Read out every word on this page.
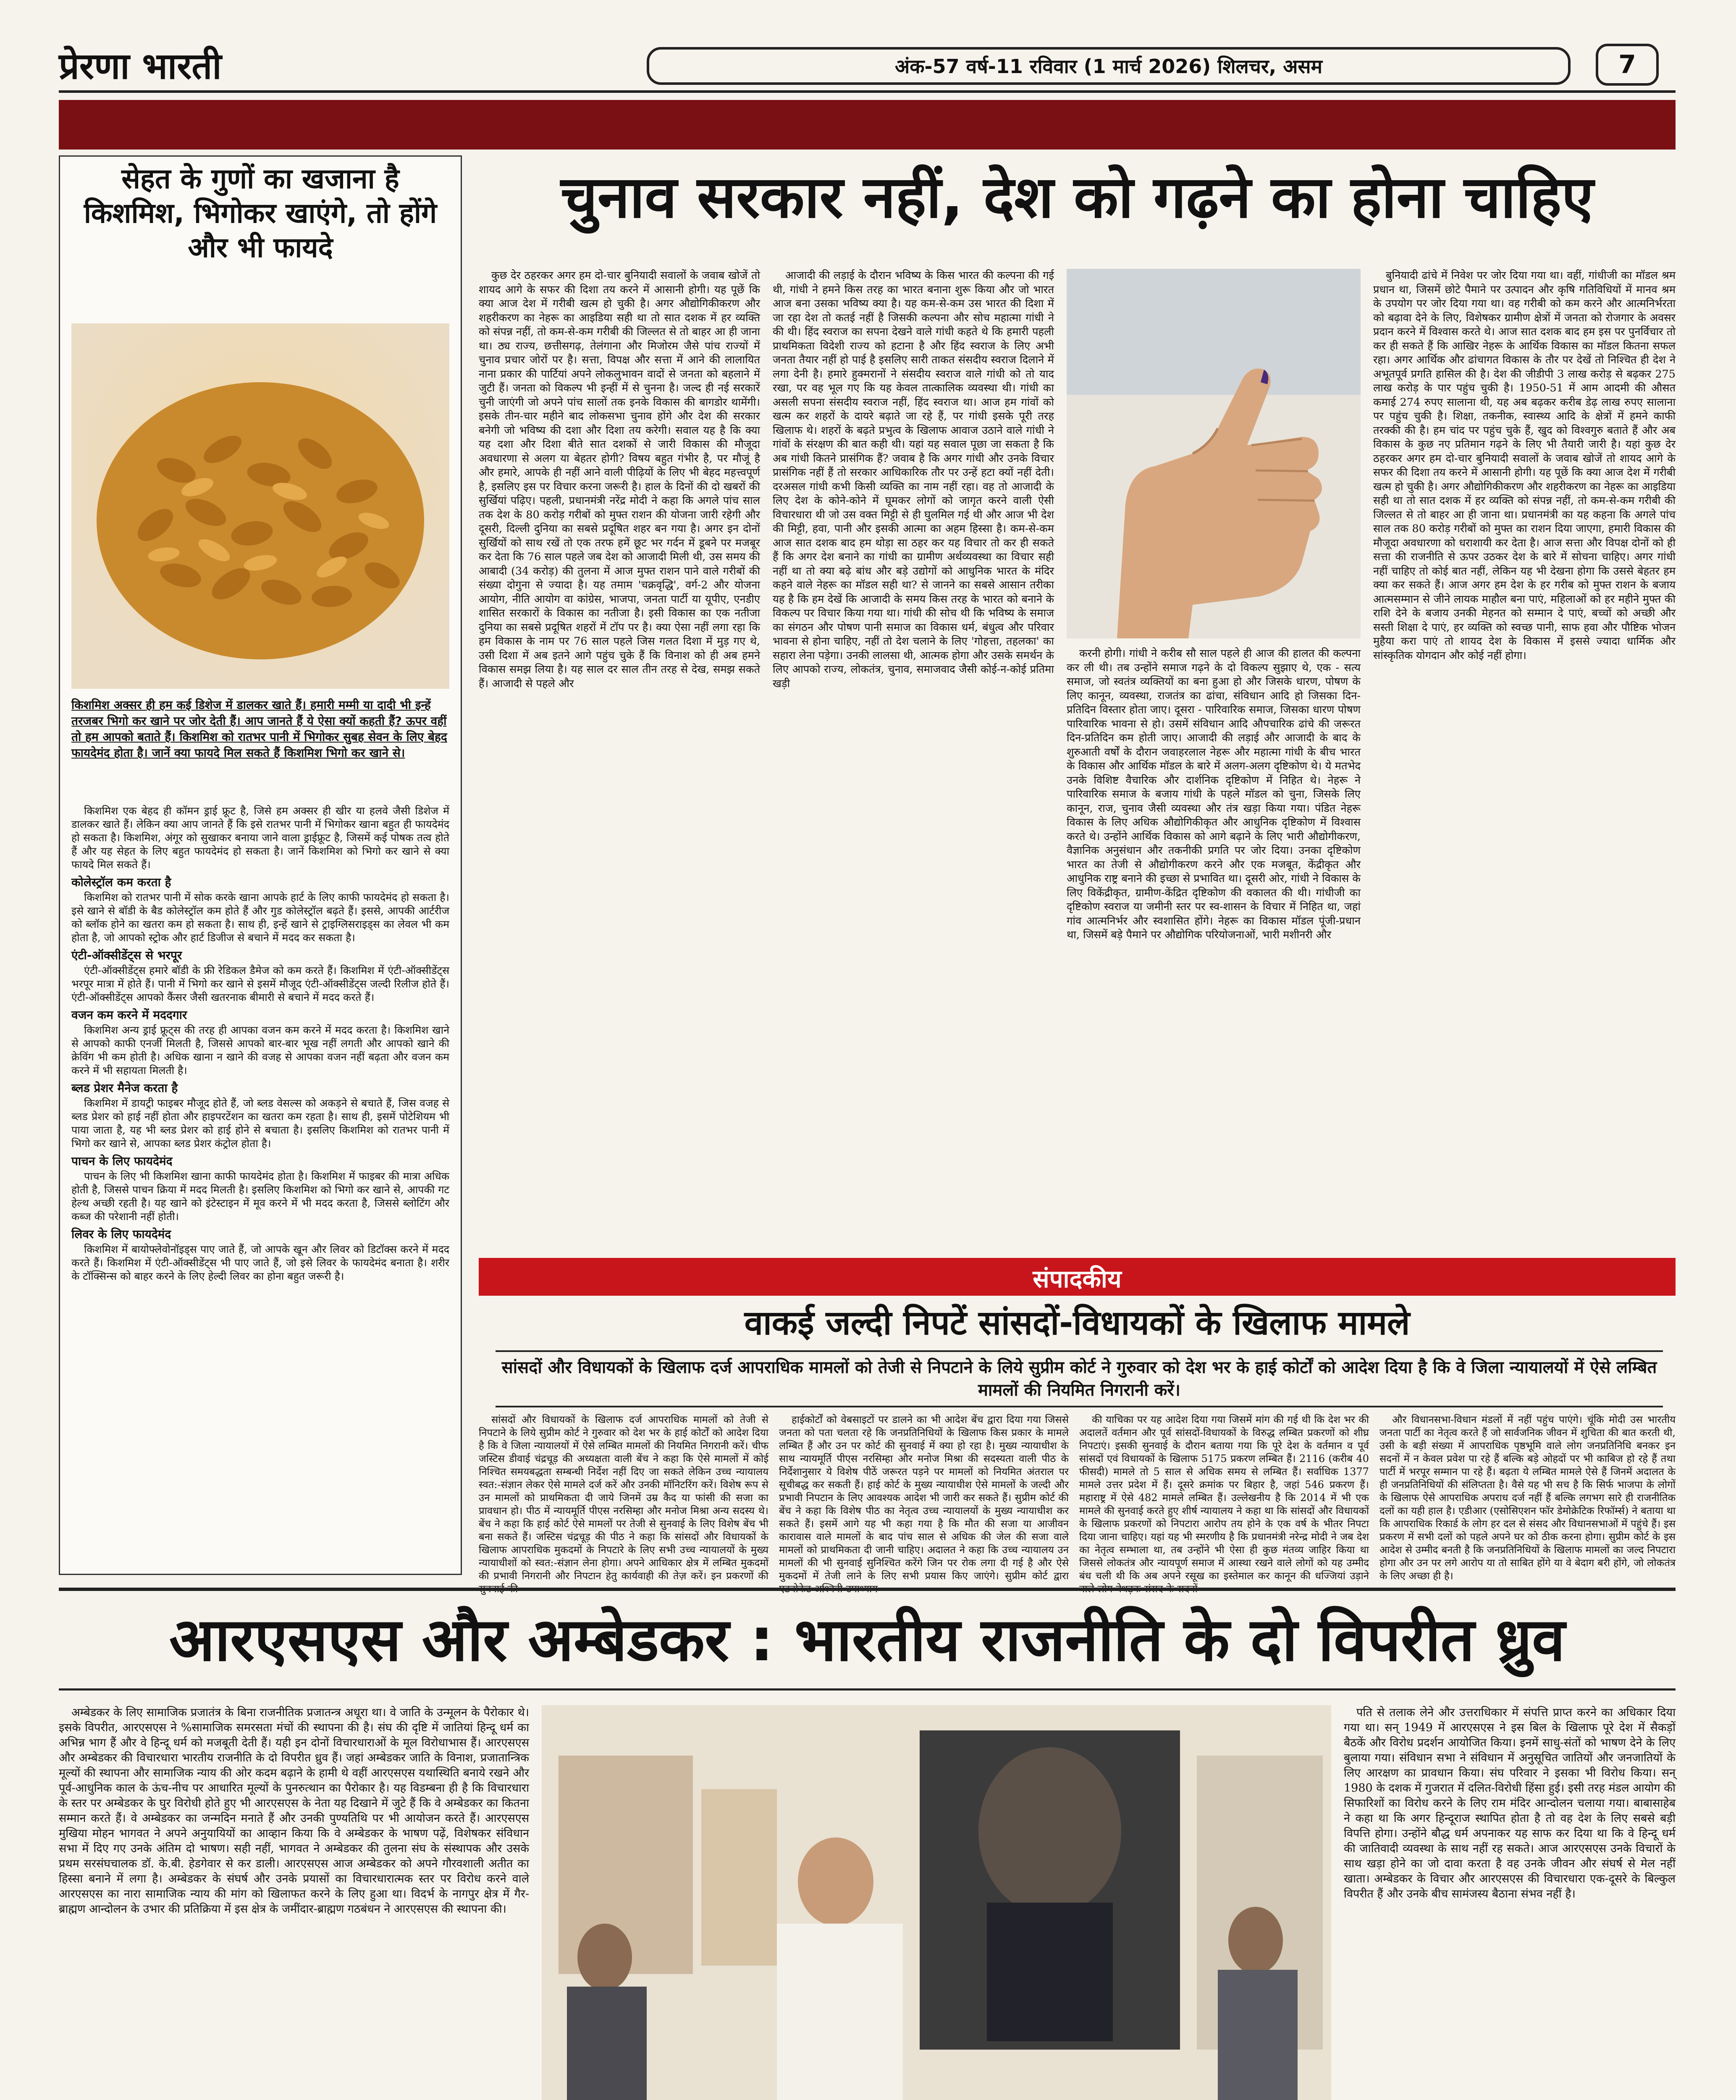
प्रेरणा भारती	अंक-57 वर्ष-11 रविवार (1 मार्च 2026) शिलचर, असम	7
सेहत के गुणों का खजाना है किशमिश, भिगोकर खाएंगे, तो होंगे और भी फायदे
किशमिश अक्सर ही हम कई डिशेज में डालकर खाते हैं। हमारी मम्मी या दादी भी इन्हें तरजबर भिगो कर खाने पर जोर देती हैं। आप जानते हैं ये ऐसा क्यों कहती हैं? ऊपर वहीं तो हम आपको बताते हैं। किशमिश को रातभर पानी में भिगोकर सुबह सेवन के लिए बेहद फायदेमंद होता है। जानें क्या फायदे मिल सकते हैं किशमिश भिगो कर खाने से।

किशमिश एक बेहद ही कॉमन ड्राई फ्रूट है, जिसे हम अक्सर ही खीर या हलवे जैसी डिशेज में डालकर खाते हैं। लेकिन क्या आप जानते हैं कि इसे रातभर पानी में भिगोकर खाना बहुत ही फायदेमंद हो सकता है। किशमिश, अंगूर को सुखाकर बनाया जाने वाला ड्राईफ्रूट है, जिसमें कई पोषक तत्व होते हैं और यह सेहत के लिए बहुत फायदेमंद हो सकता है। जानें किशमिश को भिगो कर खाने से क्या फायदे मिल सकते हैं।

कोलेस्ट्रॉल कम करता है

किशमिश को रातभर पानी में सोक करके खाना आपके हार्ट के लिए काफी फायदेमंद हो सकता है। इसे खाने से बॉडी के बैड कोलेस्ट्रॉल कम होते हैं और गुड कोलेस्ट्रॉल बढ़ते हैं। इससे, आपकी आर्टरीज को ब्लॉक होने का खतरा कम हो सकता है। साथ ही, इन्हें खाने से ट्राइग्लिसराइड्स का लेवल भी कम होता है, जो आपको स्ट्रोक और हार्ट डिजीज से बचाने में मदद कर सकता है।

एंटी-ऑक्सीडेंट्स से भरपूर

एंटी-ऑक्सीडेंट्स हमारे बॉडी के फ्री रेडिकल डैमेज को कम करते हैं। किशमिश में एंटी-ऑक्सीडेंट्स भरपूर मात्रा में होते हैं। पानी में भिगो कर खाने से इसमें मौजूद एंटी-ऑक्सीडेंट्स जल्दी रिलीज होते हैं। एंटी-ऑक्सीडेंट्स आपको कैंसर जैसी खतरनाक बीमारी से बचाने में मदद करते हैं।

वजन कम करने में मददगार

किशमिश अन्य ड्राई फ्रूट्स की तरह ही आपका वजन कम करने में मदद करता है। किशमिश खाने से आपको काफी एनर्जी मिलती है, जिससे आपको बार-बार भूख नहीं लगती और आपको खाने की क्रेविंग भी कम होती है। अधिक खाना न खाने की वजह से आपका वजन नहीं बढ़ता और वजन कम करने में भी सहायता मिलती है।

ब्लड प्रेशर मैनेज करता है

किशमिश में डायट्री फाइबर मौजूद होते हैं, जो ब्लड वेसल्स को अकड़ने से बचाते हैं, जिस वजह से ब्लड प्रेशर को हाई नहीं होता और हाइपरटेंशन का खतरा कम रहता है। साथ ही, इसमें पोटेशियम भी पाया जाता है, यह भी ब्लड प्रेशर को हाई होने से बचाता है। इसलिए किशमिश को रातभर पानी में भिगो कर खाने से, आपका ब्लड प्रेशर कंट्रोल होता है।

पाचन के लिए फायदेमंद

पाचन के लिए भी किशमिश खाना काफी फायदेमंद होता है। किशमिश में फाइबर की मात्रा अधिक होती है, जिससे पाचन क्रिया में मदद मिलती है। इसलिए किशमिश को भिगो कर खाने से, आपकी गट हेल्थ अच्छी रहती है। यह खाने को इंटेस्टाइन में मूव करने में भी मदद करता है, जिससे ब्लोटिंग और कब्ज की परेशानी नहीं होती।

लिवर के लिए फायदेमंद

किशमिश में बायोफ्लेवोनॉइड्स पाए जाते हैं, जो आपके खून और लिवर को डिटॉक्स करने में मदद करते हैं। किशमिश में एंटी-ऑक्सीडेंट्स भी पाए जाते हैं, जो इसे लिवर के फायदेमंद बनाता है। शरीर के टॉक्सिन्स को बाहर करने के लिए हेल्दी लिवर का होना बहुत जरूरी है।

चुनाव सरकार नहीं, देश को गढ़ने का होना चाहिए

कुछ देर ठहरकर अगर हम दो-चार बुनियादी सवालों के जवाब खोजें तो शायद आगे के सफर की दिशा तय करने में आसानी होगी। यह पूछें कि क्या आज देश में गरीबी खत्म हो चुकी है। अगर औद्योगिकीकरण और शहरीकरण का नेहरू का आइडिया सही था तो सात दशक में हर व्यक्ति को संपन्न नहीं, तो कम-से-कम गरीबी की जिल्लत से तो बाहर आ ही जाना था। ठ्य राज्य, छत्तीसगढ़, तेलंगाना और मिजोरम जैसे पांच राज्यों में चुनाव प्रचार जोरों पर है। सत्ता, विपक्ष और सत्ता में आने की लालायित नाना प्रकार की पार्टियां अपने लोकलुभावन वादों से जनता को बहलाने में जुटी हैं। जनता को विकल्प भी इन्हीं में से चुनना है। जल्द ही नई सरकारें चुनी जाएंगी जो अपने पांच सालों तक इनके विकास की बागडोर थामेंगी। इसके तीन-चार महीने बाद लोकसभा चुनाव होंगे और देश की सरकार बनेगी जो भविष्य की दशा और दिशा तय करेगी। सवाल यह है कि क्या यह दशा और दिशा बीते सात दशकों से जारी विकास की मौजूदा अवधारणा से अलग या बेहतर होगी? विषय बहुत गंभीर है, पर मौजूं है और हमारे, आपके ही नहीं आने वाली पीढ़ियों के लिए भी बेहद महत्त्वपूर्ण है, इसलिए इस पर विचार करना जरूरी है। हाल के दिनों की दो खबरों की सुर्खियां पढ़िए। पहली, प्रधानमंत्री नरेंद्र मोदी ने कहा कि अगले पांच साल तक देश के 80 करोड़ गरीबों को मुफ्त राशन की योजना जारी रहेगी और दूसरी, दिल्ली दुनिया का सबसे प्रदूषित शहर बन गया है। अगर इन दोनों सुर्खियों को साथ रखें तो एक तरफ हमें छूट भर गर्दन में डूबने पर मजबूर कर देता कि 76 साल पहले जब देश को आजादी मिली थी, उस समय की आबादी (34 करोड़) की तुलना में आज मुफ्त राशन पाने वाले गरीबों की संख्या दोगुना से ज्यादा है। यह तमाम 'चक्रवृद्धि', वर्ग-2 और योजना आयोग, नीति आयोग वा कांग्रेस, भाजपा, जनता पार्टी या यूपीए, एनडीए शासित सरकारों के विकास का नतीजा है। इसी विकास का एक नतीजा दुनिया का सबसे प्रदूषित शहरों में टॉप पर है। क्या ऐसा नहीं लगा रहा कि हम विकास के नाम पर 76 साल पहले जिस गलत दिशा में मुड़ गए थे, उसी दिशा में अब इतने आगे पहुंच चुके हैं कि विनाश को ही अब हमने विकास समझ लिया है। यह साल दर साल तीन तरह से देख, समझ सकते हैं। आजादी से पहले और

आजादी की लड़ाई के दौरान भविष्य के किस भारत की कल्पना की गई थी, गांधी ने हमने किस तरह का भारत बनाना शुरू किया और जो भारत आज बना उसका भविष्य क्या है। यह कम-से-कम उस भारत की दिशा में जा रहा देश तो कतई नहीं है जिसकी कल्पना और सोच महात्मा गांधी ने की थी। हिंद स्वराज का सपना देखने वाले गांधी कहते थे कि हमारी पहली प्राथमिकता विदेशी राज्य को हटाना है और हिंद स्वराज के लिए अभी जनता तैयार नहीं हो पाई है इसलिए सारी ताकत संसदीय स्वराज दिलाने में लगा देनी है। हमारे हुक्मरानों ने संसदीय स्वराज वाले गांधी को तो याद रखा, पर वह भूल गए कि यह केवल तात्कालिक व्यवस्था थी। गांधी का असली सपना संसदीय स्वराज नहीं, हिंद स्वराज था। आज हम गांवों को खत्म कर शहरों के दायरे बढ़ाते जा रहे हैं, पर गांधी इसके पूरी तरह खिलाफ थे। शहरों के बढ़ते प्रभुत्व के खिलाफ आवाज उठाने वाले गांधी ने गांवों के संरक्षण की बात कही थी। यहां यह सवाल पूछा जा सकता है कि अब गांधी कितने प्रासंगिक हैं? जवाब है कि अगर गांधी और उनके विचार प्रासंगिक नहीं हैं तो सरकार आधिकारिक तौर पर उन्हें हटा क्यों नहीं देती। दरअसल गांधी कभी किसी व्यक्ति का नाम नहीं रहा। वह तो आजादी के लिए देश के कोने-कोने में घूमकर लोगों को जागृत करने वाली ऐसी विचारधारा थी जो उस वक्त मिट्टी से ही घुलमिल गई थी और आज भी देश की मिट्टी, हवा, पानी और इसकी आत्मा का अहम हिस्सा है। कम-से-कम आज सात दशक बाद हम थोड़ा सा ठहर कर यह विचार तो कर ही सकते हैं कि अगर देश बनाने का गांधी का ग्रामीण अर्थव्यवस्था का विचार सही नहीं था तो क्या बढ़े बांध और बड़े उद्योगों को आधुनिक भारत के मंदिर कहने वाले नेहरू का मॉडल सही था? से जानने का सबसे आसान तरीका यह है कि हम देखें कि आजादी के समय किस तरह के भारत को बनाने के विकल्प पर विचार किया गया था। गांधी की सोच थी कि भविष्य के समाज का संगठन और पोषण पानी समाज का विकास धर्म, बंधुत्व और परिवार भावना से होना चाहिए, नहीं तो देश चलाने के लिए 'गोहत्ता, तहलका' का सहारा लेना पड़ेगा। उनकी लालसा थी, आत्मक होगा और उसके समर्थन के लिए आपको राज्य, लोकतंत्र, चुनाव, समाजवाद जैसी कोई-न-कोई प्रतिमा खड़ी

करनी होगी। गांधी ने करीब सौ साल पहले ही आज की हालत की कल्पना कर ली थी। तब उन्होंने समाज गढ़ने के दो विकल्प सुझाए थे, एक - सत्य समाज, जो स्वतंत्र व्यक्तियों का बना हुआ हो और जिसके धारण, पोषण के लिए कानून, व्यवस्था, राजतंत्र का ढांचा, संविधान आदि हो जिसका दिन-प्रतिदिन विस्तार होता जाए। दूसरा - पारिवारिक समाज, जिसका धारण पोषण पारिवारिक भावना से हो। उसमें संविधान आदि औपचारिक ढांचे की जरूरत दिन-प्रतिदिन कम होती जाए। आजादी की लड़ाई और आजादी के बाद के शुरुआती वर्षों के दौरान जवाहरलाल नेहरू और महात्मा गांधी के बीच भारत के विकास और आर्थिक मॉडल के बारे में अलग-अलग दृष्टिकोण थे। ये मतभेद उनके विशिष्ट वैचारिक और दार्शनिक दृष्टिकोण में निहित थे। नेहरू ने पारिवारिक समाज के बजाय गांधी के पहले मॉडल को चुना, जिसके लिए कानून, राज, चुनाव जैसी व्यवस्था और तंत्र खड़ा किया गया। पंडित नेहरू विकास के लिए अधिक औद्योगिकीकृत और आधुनिक दृष्टिकोण में विश्वास करते थे। उन्होंने आर्थिक विकास को आगे बढ़ाने के लिए भारी औद्योगीकरण, वैज्ञानिक अनुसंधान और तकनीकी प्रगति पर जोर दिया। उनका दृष्टिकोण भारत का तेजी से औद्योगीकरण करने और एक मजबूत, केंद्रीकृत और आधुनिक राष्ट्र बनाने की इच्छा से प्रभावित था। दूसरी ओर, गांधी ने विकास के लिए विकेंद्रीकृत, ग्रामीण-केंद्रित दृष्टिकोण की वकालत की थी। गांधीजी का दृष्टिकोण स्वराज या जमीनी स्तर पर स्व-शासन के विचार में निहित था, जहां गांव आत्मनिर्भर और स्वशासित होंगे। नेहरू का विकास मॉडल पूंजी-प्रधान था, जिसमें बड़े पैमाने पर औद्योगिक परियोजनाओं, भारी मशीनरी और

बुनियादी ढांचे में निवेश पर जोर दिया गया था। वहीं, गांधीजी का मॉडल श्रम प्रधान था, जिसमें छोटे पैमाने पर उत्पादन और कृषि गतिविधियों में मानव श्रम के उपयोग पर जोर दिया गया था। वह गरीबी को कम करने और आत्मनिर्भरता को बढ़ावा देने के लिए, विशेषकर ग्रामीण क्षेत्रों में जनता को रोजगार के अवसर प्रदान करने में विश्वास करते थे। आज सात दशक बाद हम इस पर पुनर्विचार तो कर ही सकते हैं कि आखिर नेहरू के आर्थिक विकास का मॉडल कितना सफल रहा। अगर आर्थिक और ढांचागत विकास के तौर पर देखें तो निश्चित ही देश ने अभूतपूर्व प्रगति हासिल की है। देश की जीडीपी 3 लाख करोड़ से बढ़कर 275 लाख करोड़ के पार पहुंच चुकी है। 1950-51 में आम आदमी की औसत कमाई 274 रुपए सालाना थी, यह अब बढ़कर करीब डेढ़ लाख रुपए सालाना पर पहुंच चुकी है। शिक्षा, तकनीक, स्वास्थ्य आदि के क्षेत्रों में हमने काफी तरक्की की है। हम चांद पर पहुंच चुके हैं, खुद को विश्वगुरु बताते हैं और अब विकास के कुछ नए प्रतिमान गढ़ने के लिए भी तैयारी जारी है। यहां कुछ देर ठहरकर अगर हम दो-चार बुनियादी सवालों के जवाब खोजें तो शायद आगे के सफर की दिशा तय करने में आसानी होगी। यह पूछें कि क्या आज देश में गरीबी खत्म हो चुकी है। अगर औद्योगिकीकरण और शहरीकरण का नेहरू का आइडिया सही था तो सात दशक में हर व्यक्ति को संपन्न नहीं, तो कम-से-कम गरीबी की जिल्लत से तो बाहर आ ही जाना था। प्रधानमंत्री का यह कहना कि अगले पांच साल तक 80 करोड़ गरीबों को मुफ्त का राशन दिया जाएगा, हमारी विकास की मौजूदा अवधारणा को धराशायी कर देता है। आज सत्ता और विपक्ष दोनों को ही सत्ता की राजनीति से ऊपर उठकर देश के बारे में सोचना चाहिए। अगर गांधी नहीं चाहिए तो कोई बात नहीं, लेकिन यह भी देखना होगा कि उससे बेहतर हम क्या कर सकते हैं। आज अगर हम देश के हर गरीब को मुफ्त राशन के बजाय आत्मसम्मान से जीने लायक माहौल बना पाएं, महिलाओं को हर महीने मुफ्त की राशि देने के बजाय उनकी मेहनत को सम्मान दे पाएं, बच्चों को अच्छी और सस्ती शिक्षा दे पाएं, हर व्यक्ति को स्वच्छ पानी, साफ हवा और पौष्टिक भोजन मुहैया करा पाएं तो शायद देश के विकास में इससे ज्यादा धार्मिक और सांस्कृतिक योगदान और कोई नहीं होगा।

संपादकीय
वाकई जल्दी निपटें सांसदों-विधायकों के खिलाफ मामले
सांसदों और विधायकों के खिलाफ दर्ज आपराधिक मामलों को तेजी से निपटाने के लिये सुप्रीम कोर्ट ने गुरुवार को देश भर के हाई कोर्टों को आदेश दिया है कि वे जिला न्यायालयों में ऐसे लम्बित मामलों की नियमित निगरानी करें।

सांसदों और विधायकों के खिलाफ दर्ज आपराधिक मामलों को तेजी से निपटाने के लिये सुप्रीम कोर्ट ने गुरुवार को देश भर के हाई कोर्टों को आदेश दिया है कि वे जिला न्यायालयों में ऐसे लम्बित मामलों की नियमित निगरानी करें। चीफ जस्टिस डीवाई चंद्रचूड़ की अध्यक्षता वाली बेंच ने कहा कि ऐसे मामलों में कोई निश्चित समयबद्धता सम्बन्धी निर्देश नहीं दिए जा सकते लेकिन उच्च न्यायालय स्वत:-संज्ञान लेकर ऐसे मामले दर्ज करें और उनकी मॉनिटरिंग करें। विशेष रूप से उन मामलों को प्राथमिकता दी जाये जिनमें उम्र कैद या फांसी की सजा का प्रावधान हो। पीठ में न्यायमूर्ति पीएस नरसिम्हा और मनोज मिश्रा अन्य सदस्य थे। बेंच ने कहा कि हाई कोर्ट ऐसे मामलों पर तेजी से सुनवाई के लिए विशेष बेंच भी बना सकते हैं। जस्टिस चंद्रचूड़ की पीठ ने कहा कि सांसदों और विधायकों के खिलाफ आपराधिक मुकदमों के निपटारे के लिए सभी उच्च न्यायालयों के मुख्य न्यायाधीशों को स्वत:-संज्ञान लेना होगा। अपने आधिकार क्षेत्र में लम्बित मुकदमों की प्रभावी निगरानी और निपटान हेतु कार्यवाही की तेज़ करें। इन प्रकरणों की

हाईकोर्टों को वेबसाइटों पर डालने का भी आदेश बेंच द्वारा दिया गया जिससे जनता को पता चलता रहे कि जनप्रतिनिधियों के खिलाफ किस प्रकार के मामले लम्बित हैं और उन पर कोर्ट की सुनवाई में क्या हो रहा है। मुख्य न्यायाधीश के साथ न्यायमूर्ति पीएस नरसिम्हा और मनोज मिश्रा की सदस्यता वाली पीठ के निर्देशानुसार ये विशेष पीठें जरूरत पड़ने पर मामलों को नियमित अंतराल पर सूचीबद्ध कर सकती हैं। हाई कोर्ट के मुख्य न्यायाधीश ऐसे मामलों के जल्दी और प्रभावी निपटान के लिए आवश्यक आदेश भी जारी कर सकते हैं। सुप्रीम कोर्ट की बेंच ने कहा कि विशेष पीठ का नेतृत्व उच्च न्यायालयों के मुख्य न्यायाधीश कर सकते हैं। इसमें आगे यह भी कहा गया है कि मौत की सजा या आजीवन कारावास वाले मामलों के बाद पांच साल से अधिक की जेल की सजा वाले मामलों को प्राथमिकता दी जानी चाहिए। अदालत ने कहा कि उच्च न्यायालय उन मामलों की भी सुनवाई सुनिश्चित करेंगे जिन पर रोक लगा दी गई है और ऐसे मुकदमों में तेजी लाने के लिए सभी प्रयास किए जाएंगे। सुप्रीम कोर्ट द्वारा

की याचिका पर यह आदेश दिया गया जिसमें मांग की गई थी कि देश भर की अदालतें वर्तमान और पूर्व सांसदों-विधायकों के विरुद्ध लम्बित प्रकरणों को शीघ्र निपटाएं। इसकी सुनवाई के दौरान बताया गया कि पूरे देश के वर्तमान व पूर्व सांसदों एवं विधायकों के खिलाफ 5175 प्रकरण लम्बित हैं। 2116 (करीब 40 फीसदी) मामले तो 5 साल से अधिक समय से लम्बित हैं। सर्वाधिक 1377 मामले उत्तर प्रदेश में हैं। दूसरे क्रमांक पर बिहार है, जहां 546 प्रकरण हैं। महाराष्ट्र में ऐसे 482 मामले लम्बित हैं। उल्लेखनीय है कि 2014 में भी एक मामले की सुनवाई करते हुए शीर्ष न्यायालय ने कहा था कि सांसदों और विधायकों के खिलाफ प्रकरणों को निपटारा आरोप तय होने के एक वर्ष के भीतर निपटा दिया जाना चाहिए। यहां यह भी स्मरणीय है कि प्रधानमंत्री नरेन्द्र मोदी ने जब देश का नेतृत्व सम्भाला था, तब उन्होंने भी ऐसा ही कुछ मंतव्य जाहिर किया था जिससे लोकतंत्र और न्यायपूर्ण समाज में आस्था रखने वाले लोगों को यह उम्मीद बंध चली थी कि अब अपने रसूख का इस्तेमाल कर कानून की धज्जियां उड़ाने

और विधानसभा-विधान मंडलों में नहीं पहुंच पाएंगे। चूंकि मोदी उस भारतीय जनता पार्टी का नेतृत्व करते हैं जो सार्वजनिक जीवन में शुचिता की बात करती थी, उसी के बड़ी संख्या में आपराधिक पृष्ठभूमि वाले लोग जनप्रतिनिधि बनकर इन सदनों में न केवल प्रवेश पा रहे हैं बल्कि बड़े ओहदों पर भी काबिज हो रहे हैं तथा पार्टी में भरपूर सम्मान पा रहे हैं। बढ़ता ये लम्बित मामले ऐसे हैं जिनमें अदालत के ही जनप्रतिनिधियों की संलिप्तता है। वैसे यह भी सच है कि सिर्फ भाजपा के लोगों के खिलाफ ऐसे आपराधिक अपराध दर्ज नहीं हैं बल्कि लगभग सारे ही राजनीतिक दलों का यही हाल है। एडीआर (एसोसिएशन फॉर डेमोक्रेटिक रिफॉर्म्स) ने बताया था कि आपराधिक रिकार्ड के लोग हर दल से संसद और विधानसभाओं में पहुंचे हैं। इस प्रकरण में सभी दलों को पहले अपने घर को ठीक करना होगा। सुप्रीम कोर्ट के इस आदेश से उम्मीद बनती है कि जनप्रतिनिधियों के खिलाफ मामलों का जल्द निपटारा होगा और उन पर लगे आरोप या तो साबित होंगे या वे बेदाग बरी होंगे, जो लोकतंत्र के लिए अच्छा ही है।

आरएसएस और अम्बेडकर : भारतीय राजनीति के दो विपरीत ध्रुव

अम्बेडकर के लिए सामाजिक प्रजातंत्र के बिना राजनीतिक प्रजातन्त्र अधूरा था। वे जाति के उन्मूलन के पैरोकार थे। इसके विपरीत, आरएसएस ने %सामाजिक समरसता मंचों की स्थापना की है। संघ की दृष्टि में जातियां हिन्दू धर्म का अभिन्न भाग हैं और वे हिन्दू धर्म को मजबूती देती हैं। यही इन दोनों विचारधाराओं के मूल विरोधाभास हैं। आरएसएस और अम्बेडकर की विचारधारा भारतीय राजनीति के दो विपरीत ध्रुव हैं। जहां अम्बेडकर जाति के विनाश, प्रजातान्त्रिक मूल्यों की स्थापना और सामाजिक न्याय की ओर कदम बढ़ाने के हामी थे वहीं आरएसएस यथास्थिति बनाये रखने और पूर्व-आधुनिक काल के ऊंच-नीच पर आधारित मूल्यों के पुनरुत्थान का पैरोकार है। यह विडम्बना ही है कि विचारधारा के स्तर पर अम्बेडकर के घुर विरोधी होते हुए भी आरएसएस के नेता यह दिखाने में जुटे हैं कि वे अम्बेडकर का कितना सम्मान करते हैं। वे अम्बेडकर का जन्मदिन मनाते हैं और उनकी पुण्यतिथि पर भी आयोजन करते हैं। आरएसएस मुखिया मोहन भागवत ने अपने अनुयायियों का आव्हान किया कि वे अम्बेडकर के भाषण पढ़ें, विशेषकर संविधान सभा में दिए गए उनके अंतिम दो भाषण। सही नहीं, भागवत ने अम्बेडकर की तुलना संघ के संस्थापक और उसके प्रथम सरसंघचालक डॉ. के.बी. हेडगेवार से कर डाली। आरएसएस आज अम्बेडकर को अपने गौरवशाली अतीत का हिस्सा बनाने में लगा है। अम्बेडकर के संघर्ष और उनके प्रयासों का विचारधारात्मक स्तर पर विरोध करने वाले आरएसएस का नारा सामाजिक न्याय की मांग को खिलाफत करने के लिए हुआ था। विदर्भ के नागपुर क्षेत्र में गैर-ब्राह्मण आन्दोलन के उभार की प्रतिक्रिया में इस क्षेत्र के जमींदार-ब्राह्मण गठबंधन ने आरएसएस की स्थापना की।

पति से तलाक लेने और उत्तराधिकार में संपत्ति प्राप्त करने का अधिकार दिया गया था। सन् 1949 में आरएसएस ने इस बिल के खिलाफ पूरे देश में सैकड़ों बैठकें और विरोध प्रदर्शन आयोजित किया। इनमें साधु-संतों को भाषण देने के लिए बुलाया गया। संविधान सभा ने संविधान में अनुसूचित जातियों और जनजातियों के लिए आरक्षण का प्रावधान किया। संघ परिवार ने इसका भी विरोध किया। सन् 1980 के दशक में गुजरात में दलित-विरोधी हिंसा हुई। इसी तरह मंडल आयोग की सिफारिशों का विरोध करने के लिए राम मंदिर आन्दोलन चलाया गया। बाबासाहेब ने कहा था कि अगर हिन्दूराज स्थापित होता है तो वह देश के लिए सबसे बड़ी विपत्ति होगा। उन्होंने बौद्ध धर्म अपनाकर यह साफ कर दिया था कि वे हिन्दू धर्म की जातिवादी व्यवस्था के साथ नहीं रह सकते। आज आरएसएस उनके विचारों के साथ खड़ा होने का जो दावा करता है वह उनके जीवन और संघर्ष से मेल नहीं खाता। अम्बेडकर के विचार और आरएसएस की विचारधारा एक-दूसरे के बिल्कुल विपरीत हैं और उनके बीच सामंजस्य बैठाना संभव नहीं है।
